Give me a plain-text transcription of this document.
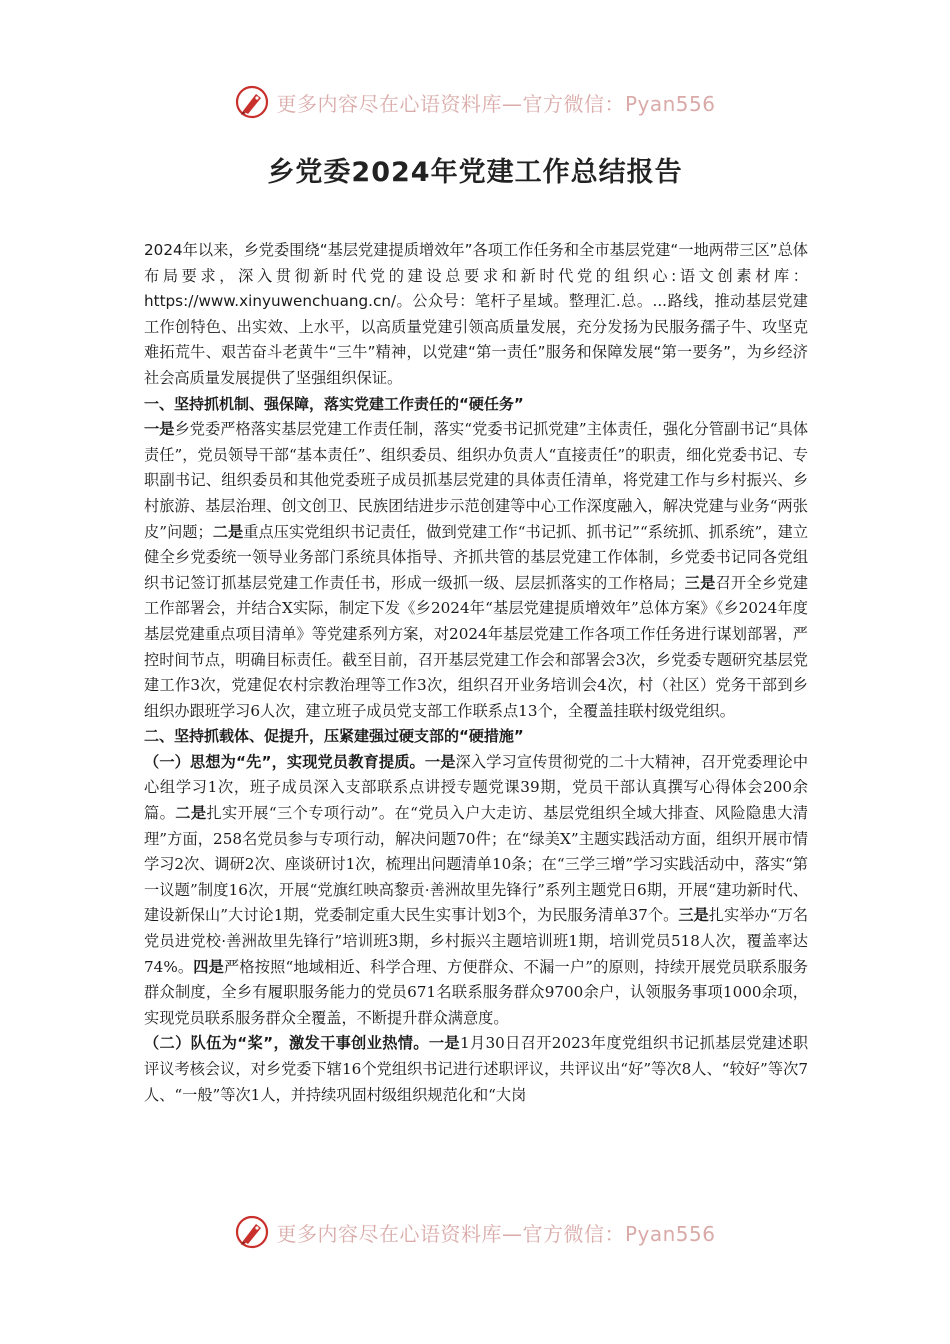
更多内容尽在心语资料库—官方微信：Pyan556
乡党委2024年党建工作总结报告

2024年以来，乡党委围绕“基层党建提质增效年”各项工作任务和全市基层党建“一地两带三区”总体布局要求，深入贯彻新时代党的建设总要求和新时代党的组织心:语文创素材库：https://www.xinyuwenchuang.cn/。公众号：笔杆子星域。整理汇.总。...路线，推动基层党建工作创特色、出实效、上水平，以高质量党建引领高质量发展，充分发扬为民服务孺子牛、攻坚克难拓荒牛、艰苦奋斗老黄牛“三牛”精神，以党建“第一责任”服务和保障发展“第一要务”，为乡经济社会高质量发展提供了坚强组织保证。

一、坚持抓机制、强保障，落实党建工作责任的“硬任务”

一是乡党委严格落实基层党建工作责任制，落实“党委书记抓党建”主体责任，强化分管副书记“具体责任”，党员领导干部“基本责任”、组织委员、组织办负责人“直接责任”的职责，细化党委书记、专职副书记、组织委员和其他党委班子成员抓基层党建的具体责任清单，将党建工作与乡村振兴、乡村旅游、基层治理、创文创卫、民族团结进步示范创建等中心工作深度融入，解决党建与业务“两张皮”问题；二是重点压实党组织书记责任，做到党建工作“书记抓、抓书记”“系统抓、抓系统”，建立健全乡党委统一领导业务部门系统具体指导、齐抓共管的基层党建工作体制，乡党委书记同各党组织书记签订抓基层党建工作责任书，形成一级抓一级、层层抓落实的工作格局；三是召开全乡党建工作部署会，并结合X实际，制定下发《乡2024年“基层党建提质增效年”总体方案》《乡2024年度基层党建重点项目清单》等党建系列方案，对2024年基层党建工作各项工作任务进行谋划部署，严控时间节点，明确目标责任。截至目前，召开基层党建工作会和部署会3次，乡党委专题研究基层党建工作3次，党建促农村宗教治理等工作3次，组织召开业务培训会4次，村（社区）党务干部到乡组织办跟班学习6人次，建立班子成员党支部工作联系点13个，全覆盖挂联村级党组织。

二、坚持抓载体、促提升，压紧建强过硬支部的“硬措施”

（一）思想为“先”，实现党员教育提质。一是深入学习宣传贯彻党的二十大精神，召开党委理论中心组学习1次，班子成员深入支部联系点讲授专题党课39期，党员干部认真撰写心得体会200余篇。二是扎实开展“三个专项行动”。在“党员入户大走访、基层党组织全域大排查、风险隐患大清理”方面，258名党员参与专项行动，解决问题70件；在“绿美X”主题实践活动方面，组织开展市情学习2次、调研2次、座谈研讨1次，梳理出问题清单10条；在“三学三增”学习实践活动中，落实“第一议题”制度16次，开展“党旗红映高黎贡·善洲故里先锋行”系列主题党日6期，开展“建功新时代、建设新保山”大讨论1期，党委制定重大民生实事计划3个，为民服务清单37个。三是扎实举办“万名党员进党校·善洲故里先锋行”培训班3期，乡村振兴主题培训班1期，培训党员518人次，覆盖率达74%。四是严格按照“地域相近、科学合理、方便群众、不漏一户”的原则，持续开展党员联系服务群众制度，全乡有履职服务能力的党员671名联系服务群众9700余户，认领服务事项1000余项，实现党员联系服务群众全覆盖，不断提升群众满意度。

（二）队伍为“桨”，激发干事创业热情。一是1月30日召开2023年度党组织书记抓基层党建述职评议考核会议，对乡党委下辖16个党组织书记进行述职评议，共评议出“好”等次8人、“较好”等次7人、“一般”等次1人，并持续巩固村级组织规范化和“大岗

更多内容尽在心语资料库—官方微信：Pyan556
